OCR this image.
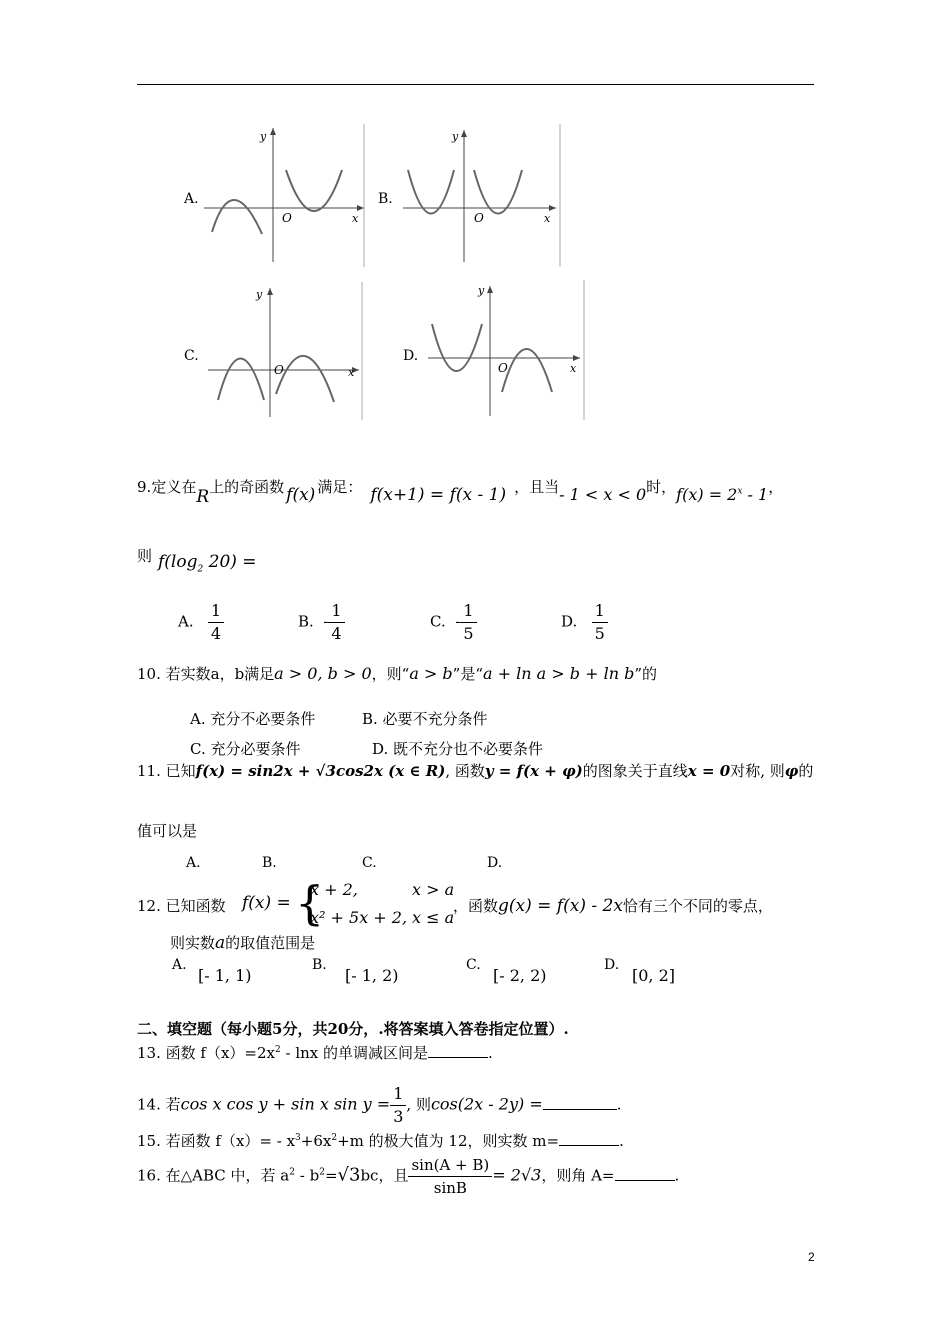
A.
y
x
O
B.
y
x
O
C.
y
x
O
D.
y
x
O
9.定义在R上的奇函数 f(x) 满足： f(x+1) = f(x - 1) ，且当- 1 < x < 0时，$f(x) = 2^x - 1$，
则 $f(\log_2$ 20) =
A. $\frac{1}{4}$	B. - $\frac{1}{4}$	C. - $\frac{1}{5}$	D. $\frac{1}{5}$
10. 若实数a，b满足a > 0, b > 0，则“a > b”是“a + ln a > b + ln b”的
A. 充分不必要条件	B. 必要不充分条件
C. 充分必要条件	D. 既不充分也不必要条件
11. 已知f(x) = sin2x + √3cos2x (x ∈ R), 函数y = f(x + φ)的图象关于直线x = 0对称, 则φ的
值可以是
A.	B.	C.	D.
12. 已知函数 f(x) = {
x + 2,	x > a
x² + 5x + 2, x ≤ a
，函数g(x) = f(x) - 2x恰有三个不同的零点，
则实数a的取值范围是
A.
[- 1, 1)
B.
[- 1, 2)
C.
[- 2, 2)
D.
[0, 2]
二、填空题（每小题5分，共20分，.将答案填入答卷指定位置）.
13. 函数 $f(x)=2x^2 - \ln x$ 的单调减区间是	.
14. 若cos x cos y + sin x $\sin y = \frac{1}{3}$ , 则cos(2x - 2y) =	.
15. 若函数 $f(x)= - x^3+6x^2+m$ 的极大值为 12，则实数 m=	.
16. 在△ABC 中，若 $a^2 - b^2=√3bc$，且 $\frac{\sin(A + B)}{\sin B} = 2√3$，则角 A=	.
2
